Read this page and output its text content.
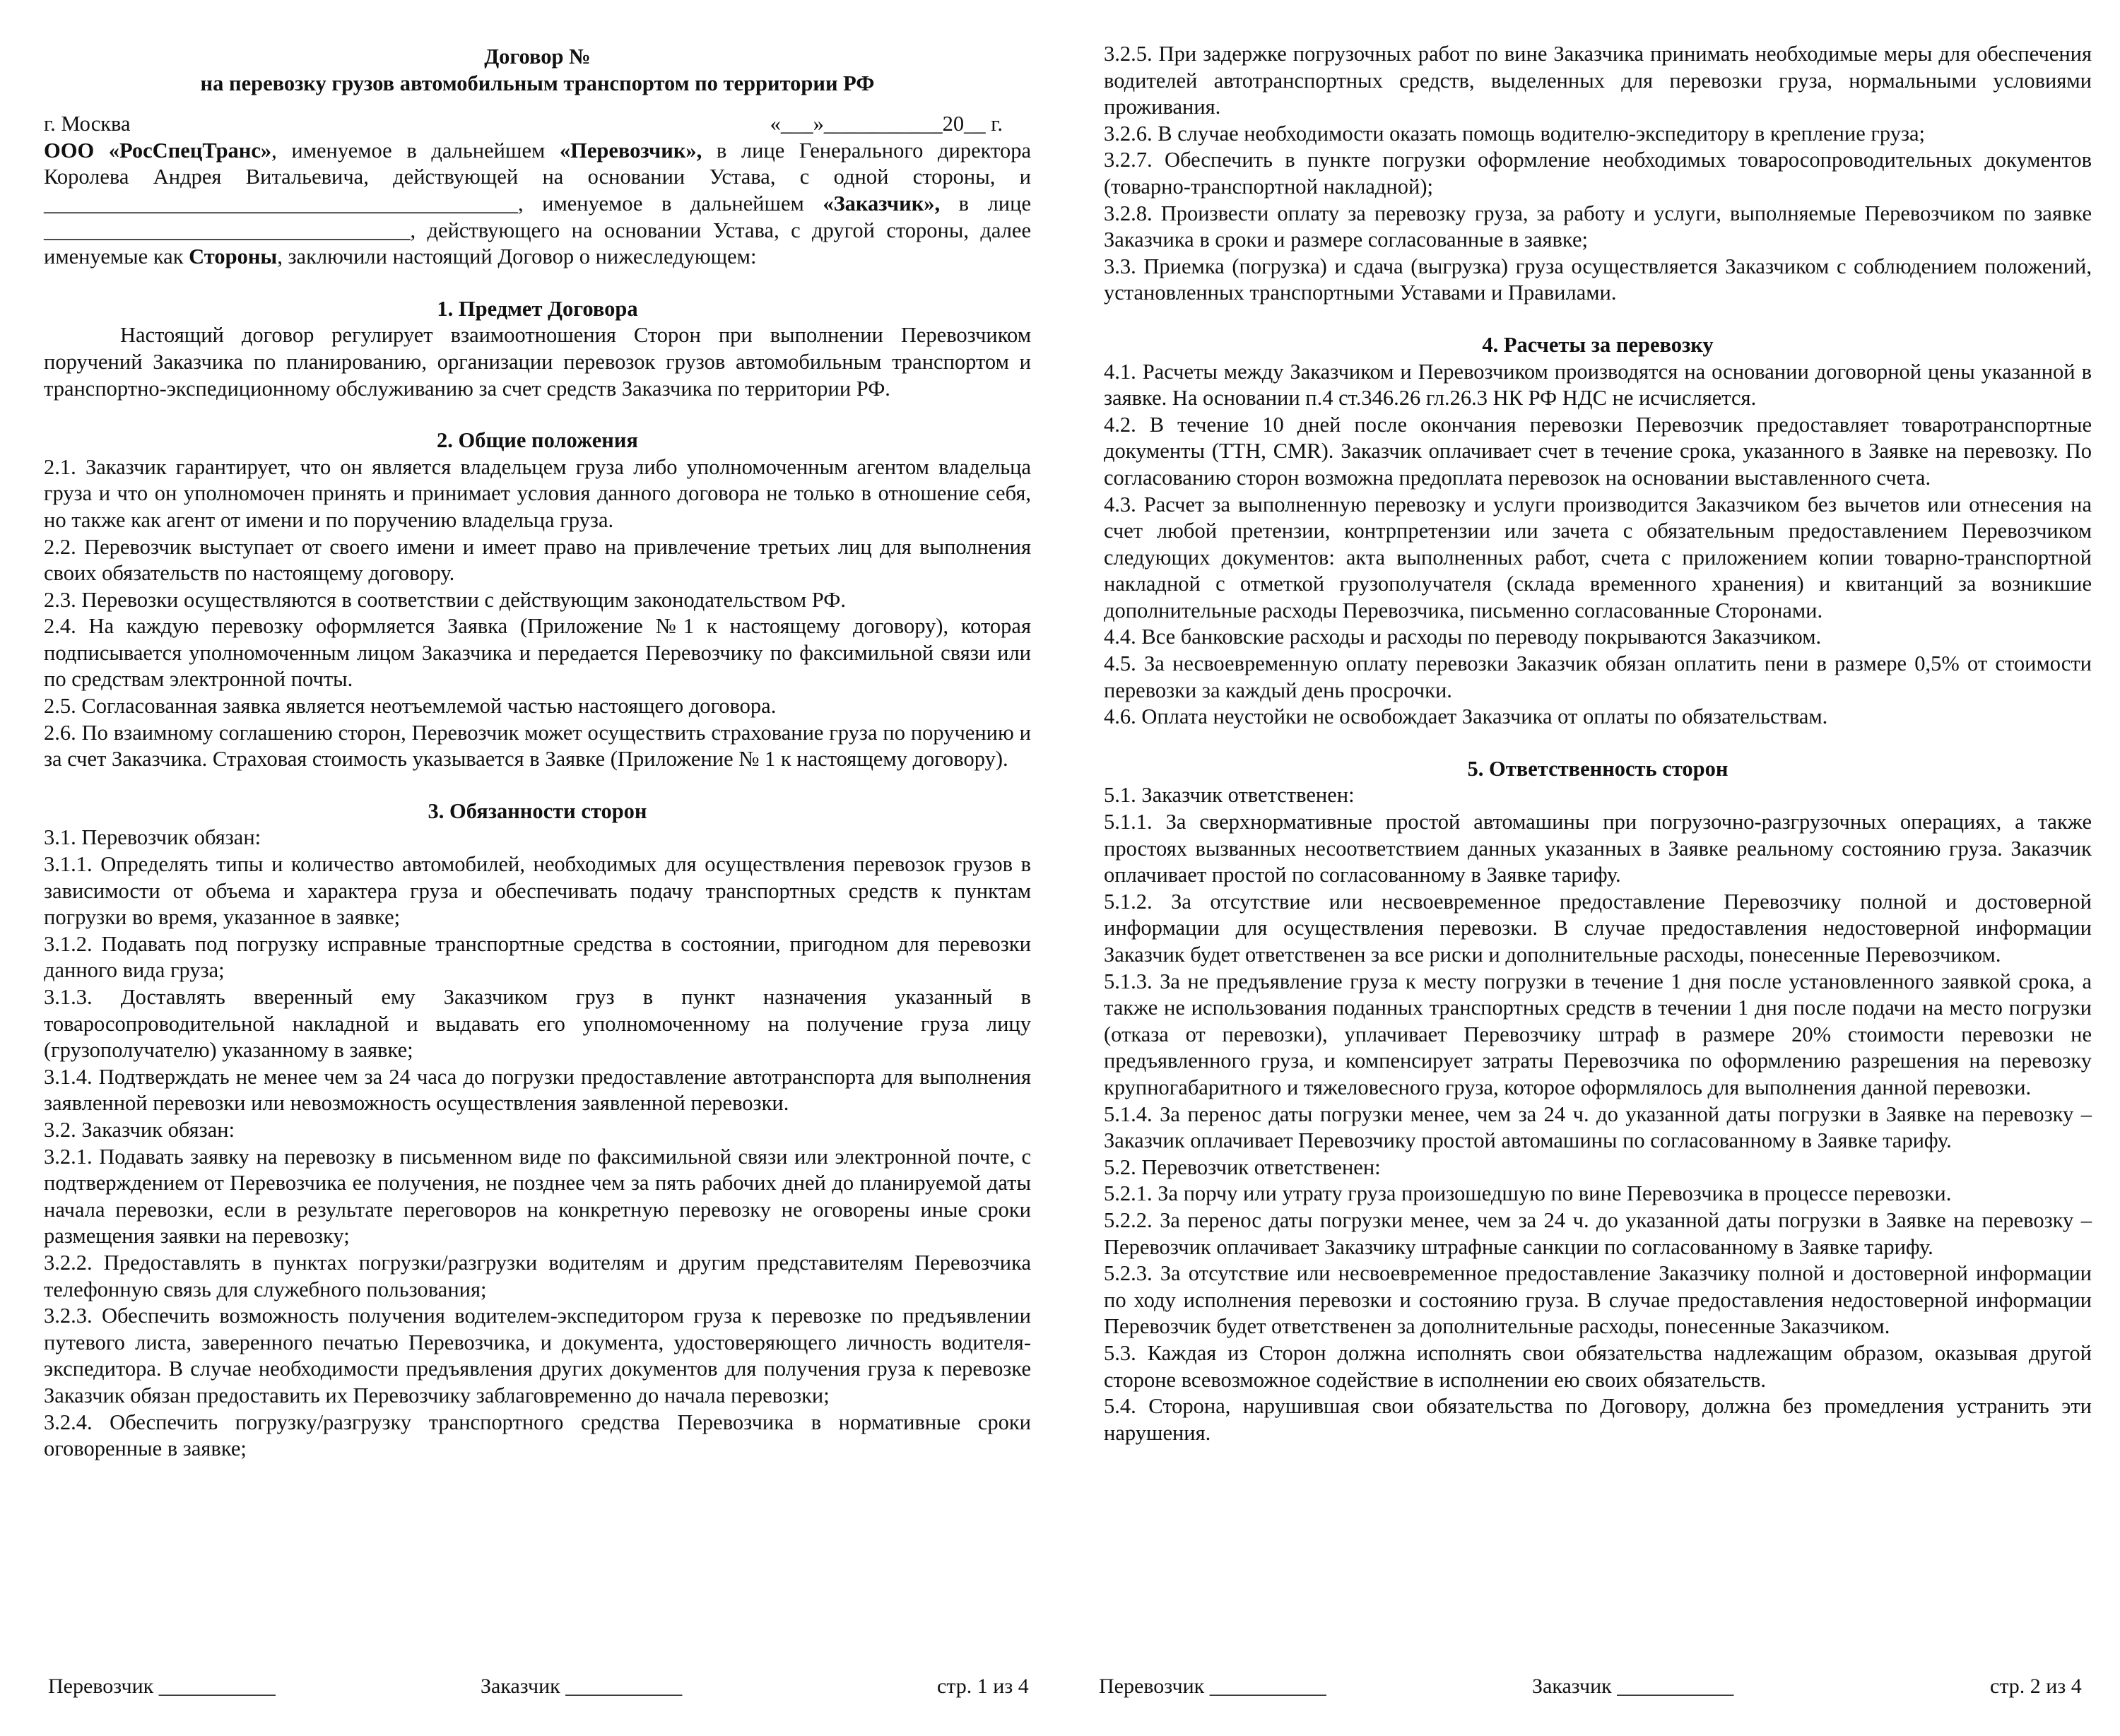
Договор №
на перевозку грузов автомобильным транспортом по территории РФ
г. Москва	«___»___________20__ г.

ООО «РосСпецТранс», именуемое в дальнейшем «Перевозчик», в лице Генерального директора Королева Андрея Витальевича, действующей на основании Устава, с одной стороны, и ____________________________________________, именуемое в дальнейшем «Заказчик», в лице __________________________________, действующего на основании Устава, с другой стороны, далее именуемые как Стороны, заключили настоящий Договор о нижеследующем:

1. Предмет Договора

Настоящий договор регулирует взаимоотношения Сторон при выполнении Перевозчиком поручений Заказчика по планированию, организации перевозок грузов автомобильным транспортом и транспортно-экспедиционному обслуживанию за счет средств Заказчика по территории РФ.

2. Общие положения

2.1. Заказчик гарантирует, что он является владельцем груза либо уполномоченным агентом владельца груза и что он уполномочен принять и принимает условия данного договора не только в отношение себя, но также как агент от имени и по поручению владельца груза.

2.2. Перевозчик выступает от своего имени и имеет право на привлечение третьих лиц для выполнения своих обязательств по настоящему договору.

2.3. Перевозки осуществляются в соответствии с действующим законодательством РФ.

2.4. На каждую перевозку оформляется Заявка (Приложение №1 к настоящему договору), которая подписывается уполномоченным лицом Заказчика и передается Перевозчику по факсимильной связи или по средствам электронной почты.

2.5. Согласованная заявка является неотъемлемой частью настоящего договора.

2.6. По взаимному соглашению сторон, Перевозчик может осуществить страхование груза по поручению и за счет Заказчика. Страховая стоимость указывается в Заявке (Приложение № 1 к настоящему договору).

3. Обязанности сторон

3.1. Перевозчик обязан:

3.1.1. Определять типы и количество автомобилей, необходимых для осуществления перевозок грузов в зависимости от объема и характера груза и обеспечивать подачу транспортных средств к пунктам погрузки во время, указанное в заявке;

3.1.2. Подавать под погрузку исправные транспортные средства в состоянии, пригодном для перевозки данного вида груза;

3.1.3. Доставлять вверенный ему Заказчиком груз в пункт назначения указанный в товаросопроводительной накладной и выдавать его уполномоченному на получение груза лицу (грузополучателю) указанному в заявке;

3.1.4. Подтверждать не менее чем за 24 часа до погрузки предоставление автотранспорта для выполнения заявленной перевозки или невозможность осуществления заявленной перевозки.

3.2. Заказчик обязан:

3.2.1. Подавать заявку на перевозку в письменном виде по факсимильной связи или электронной почте, с подтверждением от Перевозчика ее получения, не позднее чем за пять рабочих дней до планируемой даты начала перевозки, если в результате переговоров на конкретную перевозку не оговорены иные сроки размещения заявки на перевозку;

3.2.2. Предоставлять в пунктах погрузки/разгрузки водителям и другим представителям Перевозчика телефонную связь для служебного пользования;

3.2.3. Обеспечить возможность получения водителем-экспедитором груза к перевозке по предъявлении путевого листа, заверенного печатью Перевозчика, и документа, удостоверяющего личность водителя-экспедитора. В случае необходимости предъявления других документов для получения груза к перевозке Заказчик обязан предоставить их Перевозчику заблаговременно до начала перевозки;

3.2.4. Обеспечить погрузку/разгрузку транспортного средства Перевозчика в нормативные сроки оговоренные в заявке;

Перевозчик ___________	Заказчик ___________	стр. 1 из 4

3.2.5. При задержке погрузочных работ по вине Заказчика принимать необходимые меры для обеспечения водителей автотранспортных средств, выделенных для перевозки груза, нормальными условиями проживания.

3.2.6. В случае необходимости оказать помощь водителю-экспедитору в крепление груза;

3.2.7. Обеспечить в пункте погрузки оформление необходимых товаросопроводительных документов (товарно-транспортной накладной);

3.2.8. Произвести оплату за перевозку груза, за работу и услуги, выполняемые Перевозчиком по заявке Заказчика в сроки и размере согласованные в заявке;

3.3. Приемка (погрузка) и сдача (выгрузка) груза осуществляется Заказчиком с соблюдением положений, установленных транспортными Уставами и Правилами.

4. Расчеты за перевозку

4.1. Расчеты между Заказчиком и Перевозчиком производятся на основании договорной цены указанной в заявке. На основании п.4 ст.346.26 гл.26.3 НК РФ НДС не исчисляется.

4.2. В течение 10 дней после окончания перевозки Перевозчик предоставляет товаротранспортные документы (ТТН, CMR). Заказчик оплачивает счет в течение срока, указанного в Заявке на перевозку. По согласованию сторон возможна предоплата перевозок на основании выставленного счета.

4.3. Расчет за выполненную перевозку и услуги производится Заказчиком без вычетов или отнесения на счет любой претензии, контрпретензии или зачета с обязательным предоставлением Перевозчиком следующих документов: акта выполненных работ, счета с приложением копии товарно-транспортной накладной с отметкой грузополучателя (склада временного хранения) и квитанций за возникшие дополнительные расходы Перевозчика, письменно согласованные Сторонами.

4.4. Все банковские расходы и расходы по переводу покрываются Заказчиком.

4.5. За несвоевременную оплату перевозки Заказчик обязан оплатить пени в размере 0,5% от стоимости перевозки за каждый день просрочки.

4.6. Оплата неустойки не освобождает Заказчика от оплаты по обязательствам.

5. Ответственность сторон

5.1. Заказчик ответственен:

5.1.1. За сверхнормативные простой автомашины при погрузочно-разгрузочных операциях, а также простоях вызванных несоответствием данных указанных в Заявке реальному состоянию груза. Заказчик оплачивает простой по согласованному в Заявке тарифу.

5.1.2. За отсутствие или несвоевременное предоставление Перевозчику полной и достоверной информации для осуществления перевозки. В случае предоставления недостоверной информации Заказчик будет ответственен за все риски и дополнительные расходы, понесенные Перевозчиком.

5.1.3. За не предъявление груза к месту погрузки в течение 1 дня после установленного заявкой срока, а также не использования поданных транспортных средств в течении 1 дня после подачи на место погрузки (отказа от перевозки), уплачивает Перевозчику штраф в размере 20% стоимости перевозки не предъявленного груза, и компенсирует затраты Перевозчика по оформлению разрешения на перевозку крупногабаритного и тяжеловесного груза, которое оформлялось для выполнения данной перевозки.

5.1.4. За перенос даты погрузки менее, чем за 24 ч. до указанной даты погрузки в Заявке на перевозку – Заказчик оплачивает Перевозчику простой автомашины по согласованному в Заявке тарифу.

5.2. Перевозчик ответственен:

5.2.1. За порчу или утрату груза произошедшую по вине Перевозчика в процессе перевозки.

5.2.2. За перенос даты погрузки менее, чем за 24 ч. до указанной даты погрузки в Заявке на перевозку – Перевозчик оплачивает Заказчику штрафные санкции по согласованному в Заявке тарифу.

5.2.3. За отсутствие или несвоевременное предоставление Заказчику полной и достоверной информации по ходу исполнения перевозки и состоянию груза. В случае предоставления недостоверной информации Перевозчик будет ответственен за дополнительные расходы, понесенные Заказчиком.

5.3. Каждая из Сторон должна исполнять свои обязательства надлежащим образом, оказывая другой стороне всевозможное содействие в исполнении ею своих обязательств.

5.4. Сторона, нарушившая свои обязательства по Договору, должна без промедления устранить эти нарушения.

Перевозчик ___________	Заказчик ___________	стр. 2 из 4
